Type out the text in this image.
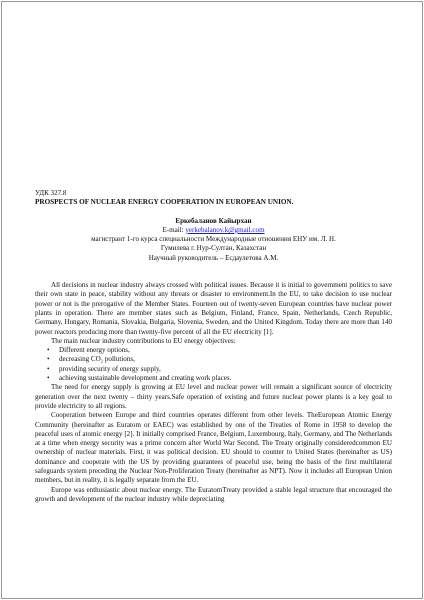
УДК 327.8

PROSPECTS OF NUCLEAR ENERGY COOPERATION IN EUROPEAN UNION.

Еркебаланов Кайырхан
E-mail: yerkebalanov.k@gmail.com
магистрант 1-го курса специальности Международные отношения ЕНУ им. Л. Н.
Гумилева г. Нур-Султан, Казахстан
Научный руководитель – Есдаулетова А.М.

All decisions in nuclear industry always crossed with political issues. Because it is initial to government politics to save their own state in peace, stability without any threats or disaster to environment.In the EU, to take decision to use nuclear power or not is the prerogative of the Member States. Fourteen out of twenty-seven European countries have nuclear power plants in operation. There are member states such as Belgium, Finland, France, Spain, Netherlands, Czech Republic, Germany, Hungary, Romania, Slovakia, Bulgaria, Slovenia, Sweden, and the United Kingdom. Today there are more than 140 power reactors producing more than twenty-five percent of all the EU electricity [1].

The main nuclear industry contributions to EU energy objectives:

• Different energy options,
• decreasing CO₂ pollutions,
• providing security of energy supply,
• achieving sustainable development and creating work places.

The need for energy supply is growing at EU level and nuclear power will remain a significant source of electricity generation over the next twenty – thirty years.Safe operation of existing and future nuclear power plants is a key goal to provide electricity to all regions.

Cooperation between Europe and third countries operates different from other levels. TheEuropean Atomic Energy Community (hereinafter as Euratom or EAEC) was established by one of the Treaties of Rome in 1958 to develop the peaceful uses of atomic energy [2]. It initially comprised France, Belgium, Luxembourg, Italy, Germany, and The Netherlands at a time when energy security was a prime concern after World War Second. The Treaty originally consideredcommon EU ownership of nuclear materials. First, it was political decision. EU should to counter to United States (hereinafter as US) dominance and cooperate with the US by providing guarantees of peaceful use, being the basis of the first multilateral safeguards system preceding the Nuclear Non-Proliferation Treaty (hereinafter as NPT). Now it includes all European Union members, but in reality, it is legally separate from the EU.

Europe was enthusiastic about nuclear energy. The EuratomTreaty provided a stable legal structure that encouraged the growth and development of the nuclear industry while depreciating
